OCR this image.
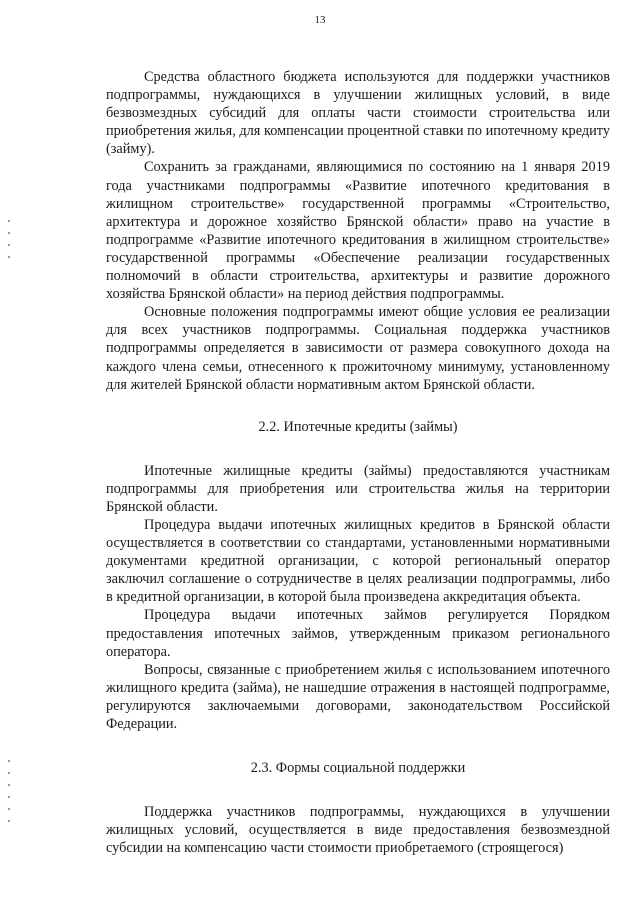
13

Средства областного бюджета используются для поддержки участников подпрограммы, нуждающихся в улучшении жилищных условий, в виде безвозмездных субсидий для оплаты части стоимости строительства или приобретения жилья, для компенсации процентной ставки по ипотечному кредиту (займу).

Сохранить за гражданами, являющимися по состоянию на 1 января 2019 года участниками подпрограммы «Развитие ипотечного кредитования в жилищном строительстве» государственной программы «Строительство, архитектура и дорожное хозяйство Брянской области» право на участие в подпрограмме «Развитие ипотечного кредитования в жилищном строительстве» государственной программы «Обеспечение реализации государственных полномочий в области строительства, архитектуры и развитие дорожного хозяйства Брянской области» на период действия подпрограммы.

Основные положения подпрограммы имеют общие условия ее реализации для всех участников подпрограммы. Социальная поддержка участников подпрограммы определяется в зависимости от размера совокупного дохода на каждого члена семьи, отнесенного к прожиточному минимуму, установленному для жителей Брянской области нормативным актом Брянской области.

2.2. Ипотечные кредиты (займы)

Ипотечные жилищные кредиты (займы) предоставляются участникам подпрограммы для приобретения или строительства жилья на территории Брянской области.

Процедура выдачи ипотечных жилищных кредитов в Брянской области осуществляется в соответствии со стандартами, установленными нормативными документами кредитной организации, с которой региональный оператор заключил соглашение о сотрудничестве в целях реализации подпрограммы, либо в кредитной организации, в которой была произведена аккредитация объекта.

Процедура выдачи ипотечных займов регулируется Порядком предоставления ипотечных займов, утвержденным приказом регионального оператора.

Вопросы, связанные с приобретением жилья с использованием ипотечного жилищного кредита (займа), не нашедшие отражения в настоящей подпрограмме, регулируются заключаемыми договорами, законодательством Российской Федерации.

2.3. Формы социальной поддержки

Поддержка участников подпрограммы, нуждающихся в улучшении жилищных условий, осуществляется в виде предоставления безвозмездной субсидии на компенсацию части стоимости приобретаемого (строящегося)
